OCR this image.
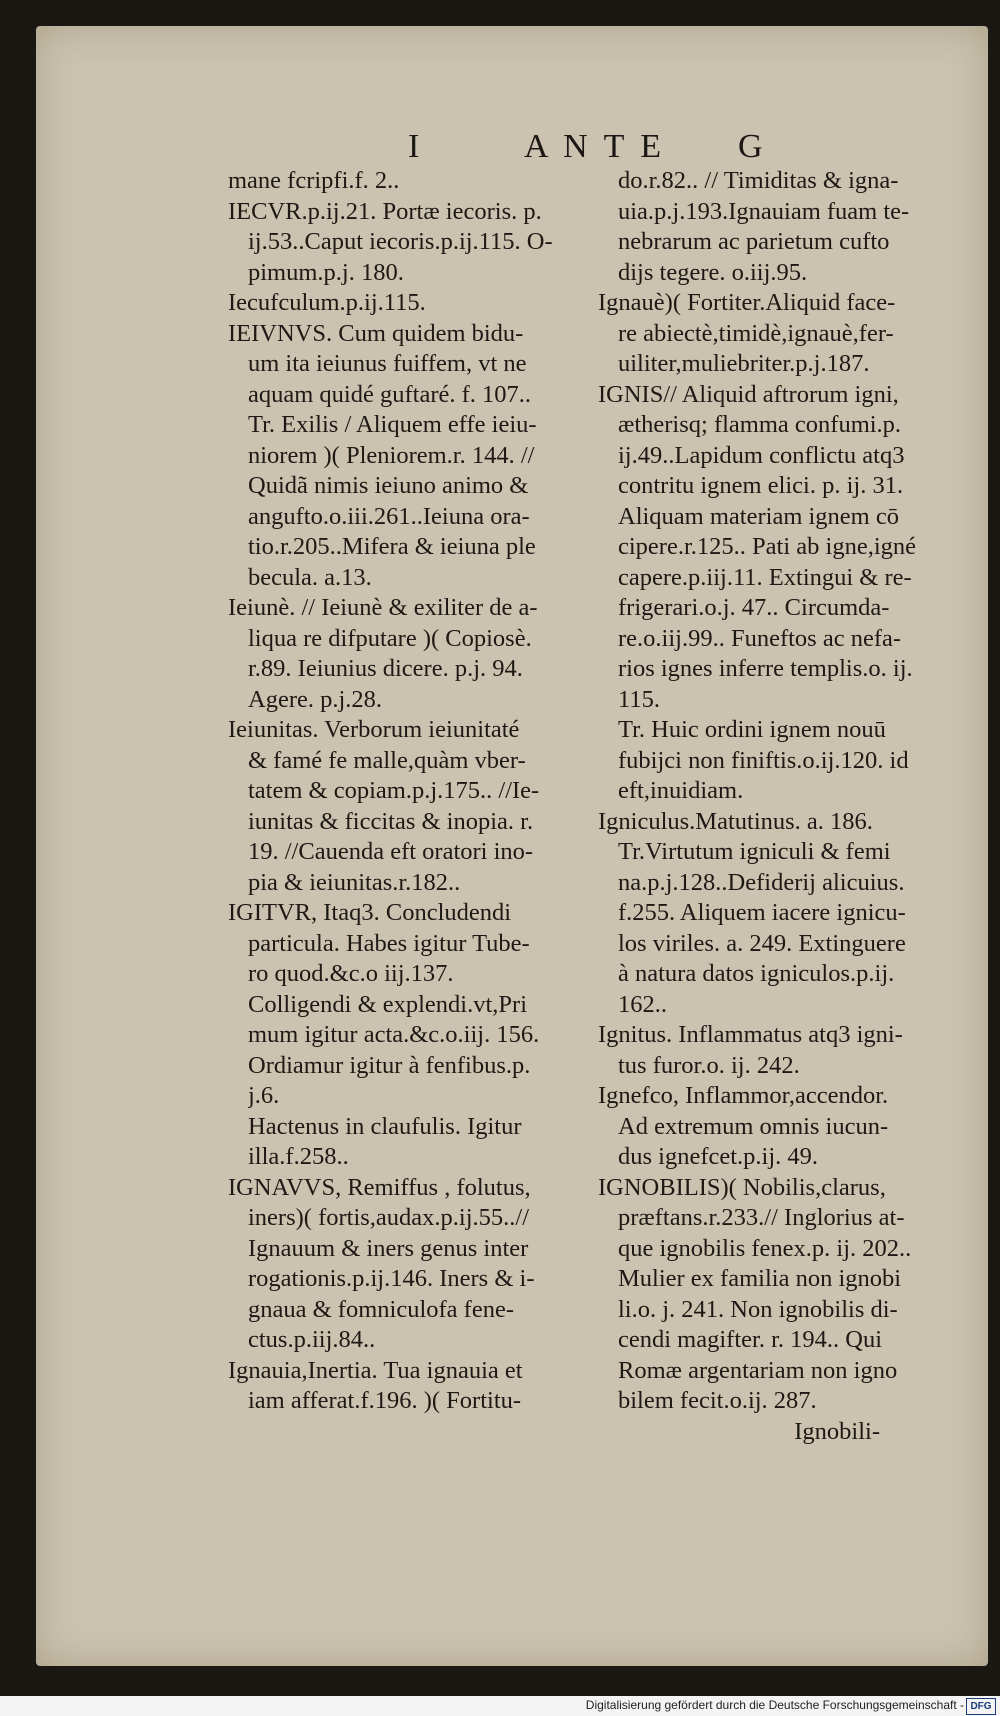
I	A N T E G
mane fcripfi.f. 2..
IECVR.p.ij.21. Portæ iecoris. p.
ij.53..Caput iecoris.p.ij.115. O-
pimum.p.j. 180.
Iecufculum.p.ij.115.
IEIVNVS. Cum quidem bidu-
um ita ieiunus fuiffem, vt ne
aquam quidé guftaré. f. 107..
Tr. Exilis / Aliquem effe ieiu-
niorem )( Pleniorem.r. 144. //
Quidã nimis ieiuno animo &
angufto.o.iii.261..Ieiuna ora-
tio.r.205..Mifera & ieiuna ple
becula. a.13.
Ieiunè. // Ieiunè & exiliter de a-
liqua re difputare )( Copiosè.
r.89. Ieiunius dicere. p.j. 94.
Agere. p.j.28.
Ieiunitas. Verborum ieiunitaté
& famé fe malle,quàm vber-
tatem & copiam.p.j.175.. //Ie-
iunitas & ficcitas & inopia. r.
19. //Cauenda eft oratori ino-
pia & ieiunitas.r.182..
IGITVR, Itaq3. Concludendi
particula. Habes igitur Tube-
ro quod.&c.o iij.137.
Colligendi & explendi.vt,Pri
mum igitur acta.&c.o.iij. 156.
Ordiamur igitur à fenfibus.p.
j.6.
Hactenus in claufulis. Igitur
illa.f.258..
IGNAVVS, Remiffus , folutus,
iners)( fortis,audax.p.ij.55..//
Ignauum & iners genus inter
rogationis.p.ij.146. Iners & i-
gnaua & fomniculofa fene-
ctus.p.iij.84..
Ignauia,Inertia. Tua ignauia et
iam afferat.f.196. )( Fortitu-
do.r.82.. // Timiditas & igna-
uia.p.j.193.Ignauiam fuam te-
nebrarum ac parietum cufto
dijs tegere. o.iij.95.
Ignauè)( Fortiter.Aliquid face-
re abiectè,timidè,ignauè,fer-
uiliter,muliebriter.p.j.187.
IGNIS// Aliquid aftrorum igni,
ætherisq; flamma confumi.p.
ij.49..Lapidum conflictu atq3
contritu ignem elici. p. ij. 31.
Aliquam materiam ignem cō
cipere.r.125.. Pati ab igne,igné
capere.p.iij.11. Extingui & re-
frigerari.o.j. 47.. Circumda-
re.o.iij.99.. Funeftos ac nefa-
rios ignes inferre templis.o. ij.
115.
Tr. Huic ordini ignem nouū
fubijci non finiftis.o.ij.120. id
eft,inuidiam.
Igniculus.Matutinus. a. 186.
Tr.Virtutum igniculi & femi
na.p.j.128..Defiderij alicuius.
f.255. Aliquem iacere ignicu-
los viriles. a. 249. Extinguere
à natura datos igniculos.p.ij.
162..
Ignitus. Inflammatus atq3 igni-
tus furor.o. ij. 242.
Ignefco, Inflammor,accendor.
Ad extremum omnis iucun-
dus ignefcet.p.ij. 49.
IGNOBILIS)( Nobilis,clarus,
præftans.r.233.// Inglorius at-
que ignobilis fenex.p. ij. 202..
Mulier ex familia non ignobi
li.o. j. 241. Non ignobilis di-
cendi magifter. r. 194.. Qui
Romæ argentariam non igno
bilem fecit.o.ij. 287.
Ignobili-
Digitalisierung gefördert durch die Deutsche Forschungsgemeinschaft - DFG
